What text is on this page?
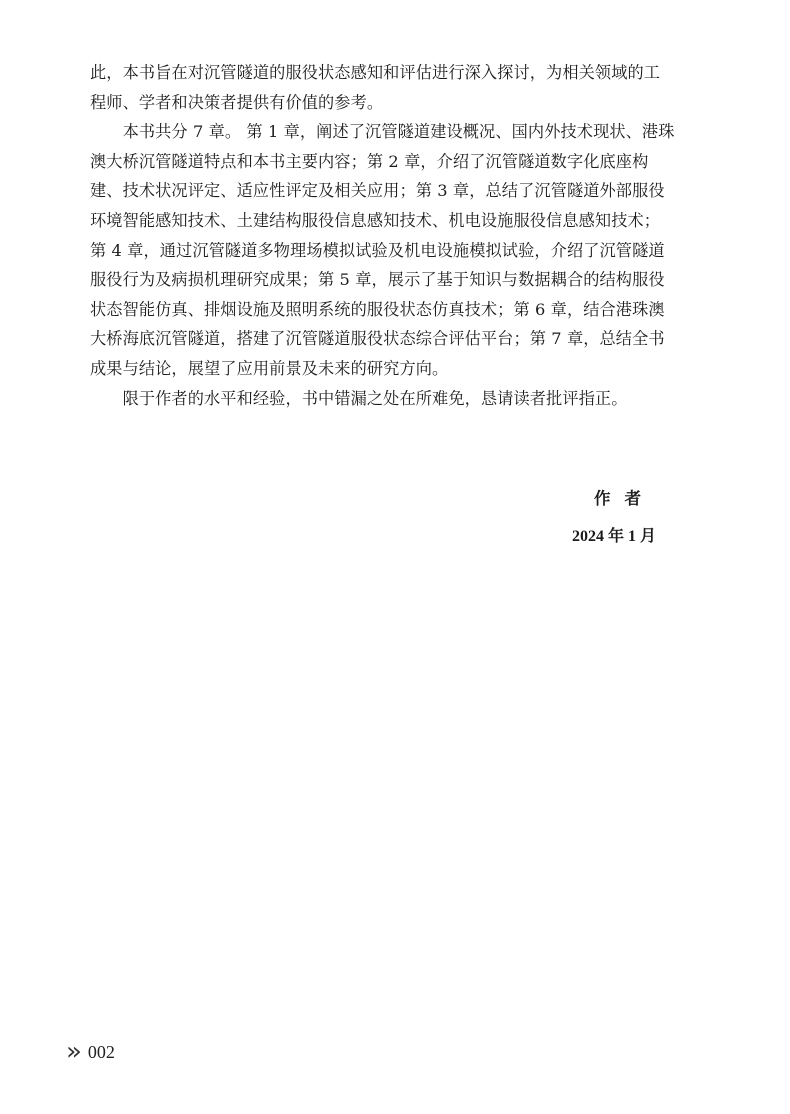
此，本书旨在对沉管隧道的服役状态感知和评估进行深入探讨，为相关领域的工
程师、学者和决策者提供有价值的参考。
　　本书共分 7 章。 第 1 章，阐述了沉管隧道建设概况、国内外技术现状、港珠
澳大桥沉管隧道特点和本书主要内容；第 2 章，介绍了沉管隧道数字化底座构
建、技术状况评定、适应性评定及相关应用；第 3 章，总结了沉管隧道外部服役
环境智能感知技术、土建结构服役信息感知技术、机电设施服役信息感知技术；
第 4 章，通过沉管隧道多物理场模拟试验及机电设施模拟试验，介绍了沉管隧道
服役行为及病损机理研究成果；第 5 章，展示了基于知识与数据耦合的结构服役
状态智能仿真、排烟设施及照明系统的服役状态仿真技术；第 6 章，结合港珠澳
大桥海底沉管隧道，搭建了沉管隧道服役状态综合评估平台；第 7 章，总结全书
成果与结论，展望了应用前景及未来的研究方向。
　　限于作者的水平和经验，书中错漏之处在所难免，恳请读者批评指正。
作者
2024 年 1 月
» 002
